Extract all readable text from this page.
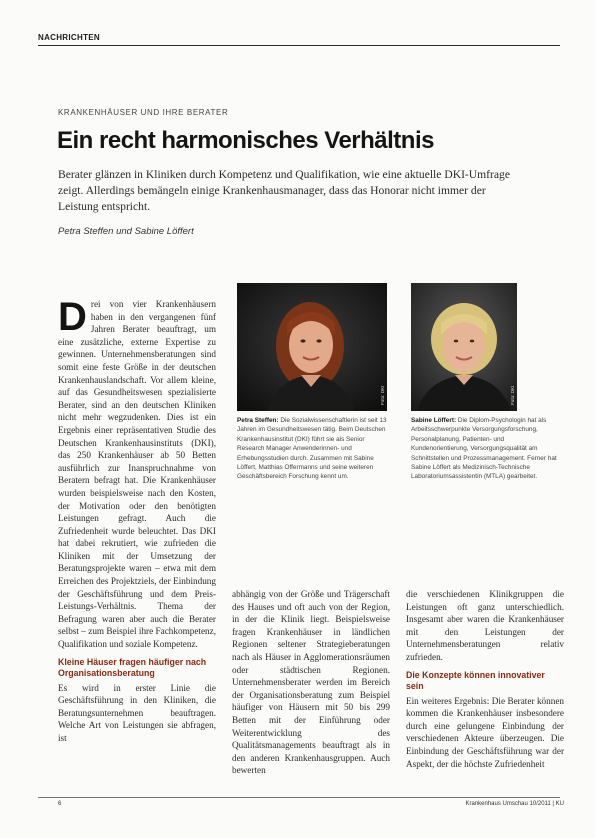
NACHRICHTEN
KRANKENHÄUSER UND IHRE BERATER
Ein recht harmonisches Verhältnis

Berater glänzen in Kliniken durch Kompetenz und Qualifikation, wie eine aktuelle DKI-Umfrage zeigt. Allerdings bemängeln einige Krankenhausmanager, dass das Honorar nicht immer der Leistung entspricht.

Petra Steffen und Sabine Löffert
Foto: DKI
Petra Steffen: Die Sozialwissenschaftlerin ist seit 13 Jahren im Gesundheitswesen tätig. Beim Deutschen Krankenhausinstitut (DKI) führt sie als Senior Research Manager Anwenderinnen- und Erhebungsstudien durch. Zusammen mit Sabine Löffert, Matthias Offermanns und seine weiteren Geschäftsbereich Forschung kennt um.
Foto: DKI
Sabine Löffert: Die Diplom-Psychologin hat als Arbeitsschwerpunkte Versorgungsforschung, Personalplanung, Patienten- und Kundenorientierung, Versorgungsqualität am Schnittstellen und Prozessmanagement. Ferner hat Sabine Löffert als Medizinisch-Technische Laboratoriumsassistentin (MTLA) gearbeitet.

Drei von vier Krankenhäusern haben in den vergangenen fünf Jahren Berater beauftragt, um eine zusätzliche, externe Expertise zu gewinnen. Unternehmensberatungen sind somit eine feste Größe in der deutschen Krankenhauslandschaft. Vor allem kleine, auf das Gesundheitswesen spezialisierte Berater, sind an den deutschen Kliniken nicht mehr wegzudenken. Dies ist ein Ergebnis einer repräsentativen Studie des Deutschen Krankenhausinstituts (DKI), das 250 Krankenhäuser ab 50 Betten ausführlich zur Inanspruchnahme von Beratern befragt hat. Die Krankenhäuser wurden beispielsweise nach den Kosten, der Motivation oder den benötigten Leistungen gefragt. Auch die Zufriedenheit wurde beleuchtet. Das DKI hat dabei rekrutiert, wie zufrieden die Kliniken mit der Umsetzung der Beratungsprojekte waren – etwa mit dem Erreichen des Projektziels, der Einbindung der Geschäftsführung und dem Preis-Leistungs-Verhältnis. Thema der Befragung waren aber auch die Berater selbst – zum Beispiel ihre Fachkompetenz, Qualifikation und soziale Kompetenz.

Kleine Häuser fragen häufiger nach Organisationsberatung

Es wird in erster Linie die Geschäftsführung in den Kliniken, die Beratungsunternehmen beauftragen. Welche Art von Leistungen sie abfragen, ist

abhängig von der Größe und Trägerschaft des Hauses und oft auch von der Region, in der die Klinik liegt. Beispielsweise fragen Krankenhäuser in ländlichen Regionen seltener Strategieberatungen nach als Häuser in Agglomerationsräumen oder städtischen Regionen. Unternehmensberater werden im Bereich der Organisationsberatung zum Beispiel häufiger von Häusern mit 50 bis 299 Betten mit der Einführung oder Weiterentwicklung des Qualitätsmanagements beauftragt als in den anderen Krankenhausgruppen. Auch bewerten

die verschiedenen Klinikgruppen die Leistungen oft ganz unterschiedlich. Insgesamt aber waren die Krankenhäuser mit den Leistungen der Unternehmensberatungen relativ zufrieden.

Die Konzepte können innovativer sein

Ein weiteres Ergebnis: Die Berater können kommen die Krankenhäuser insbesondere durch eine gelungene Einbindung der verschiedenen Akteure überzeugen. Die Einbindung der Geschäftsführung war der Aspekt, der die höchste Zufriedenheit

6	Krankenhaus Umschau 10/2011 | KU
